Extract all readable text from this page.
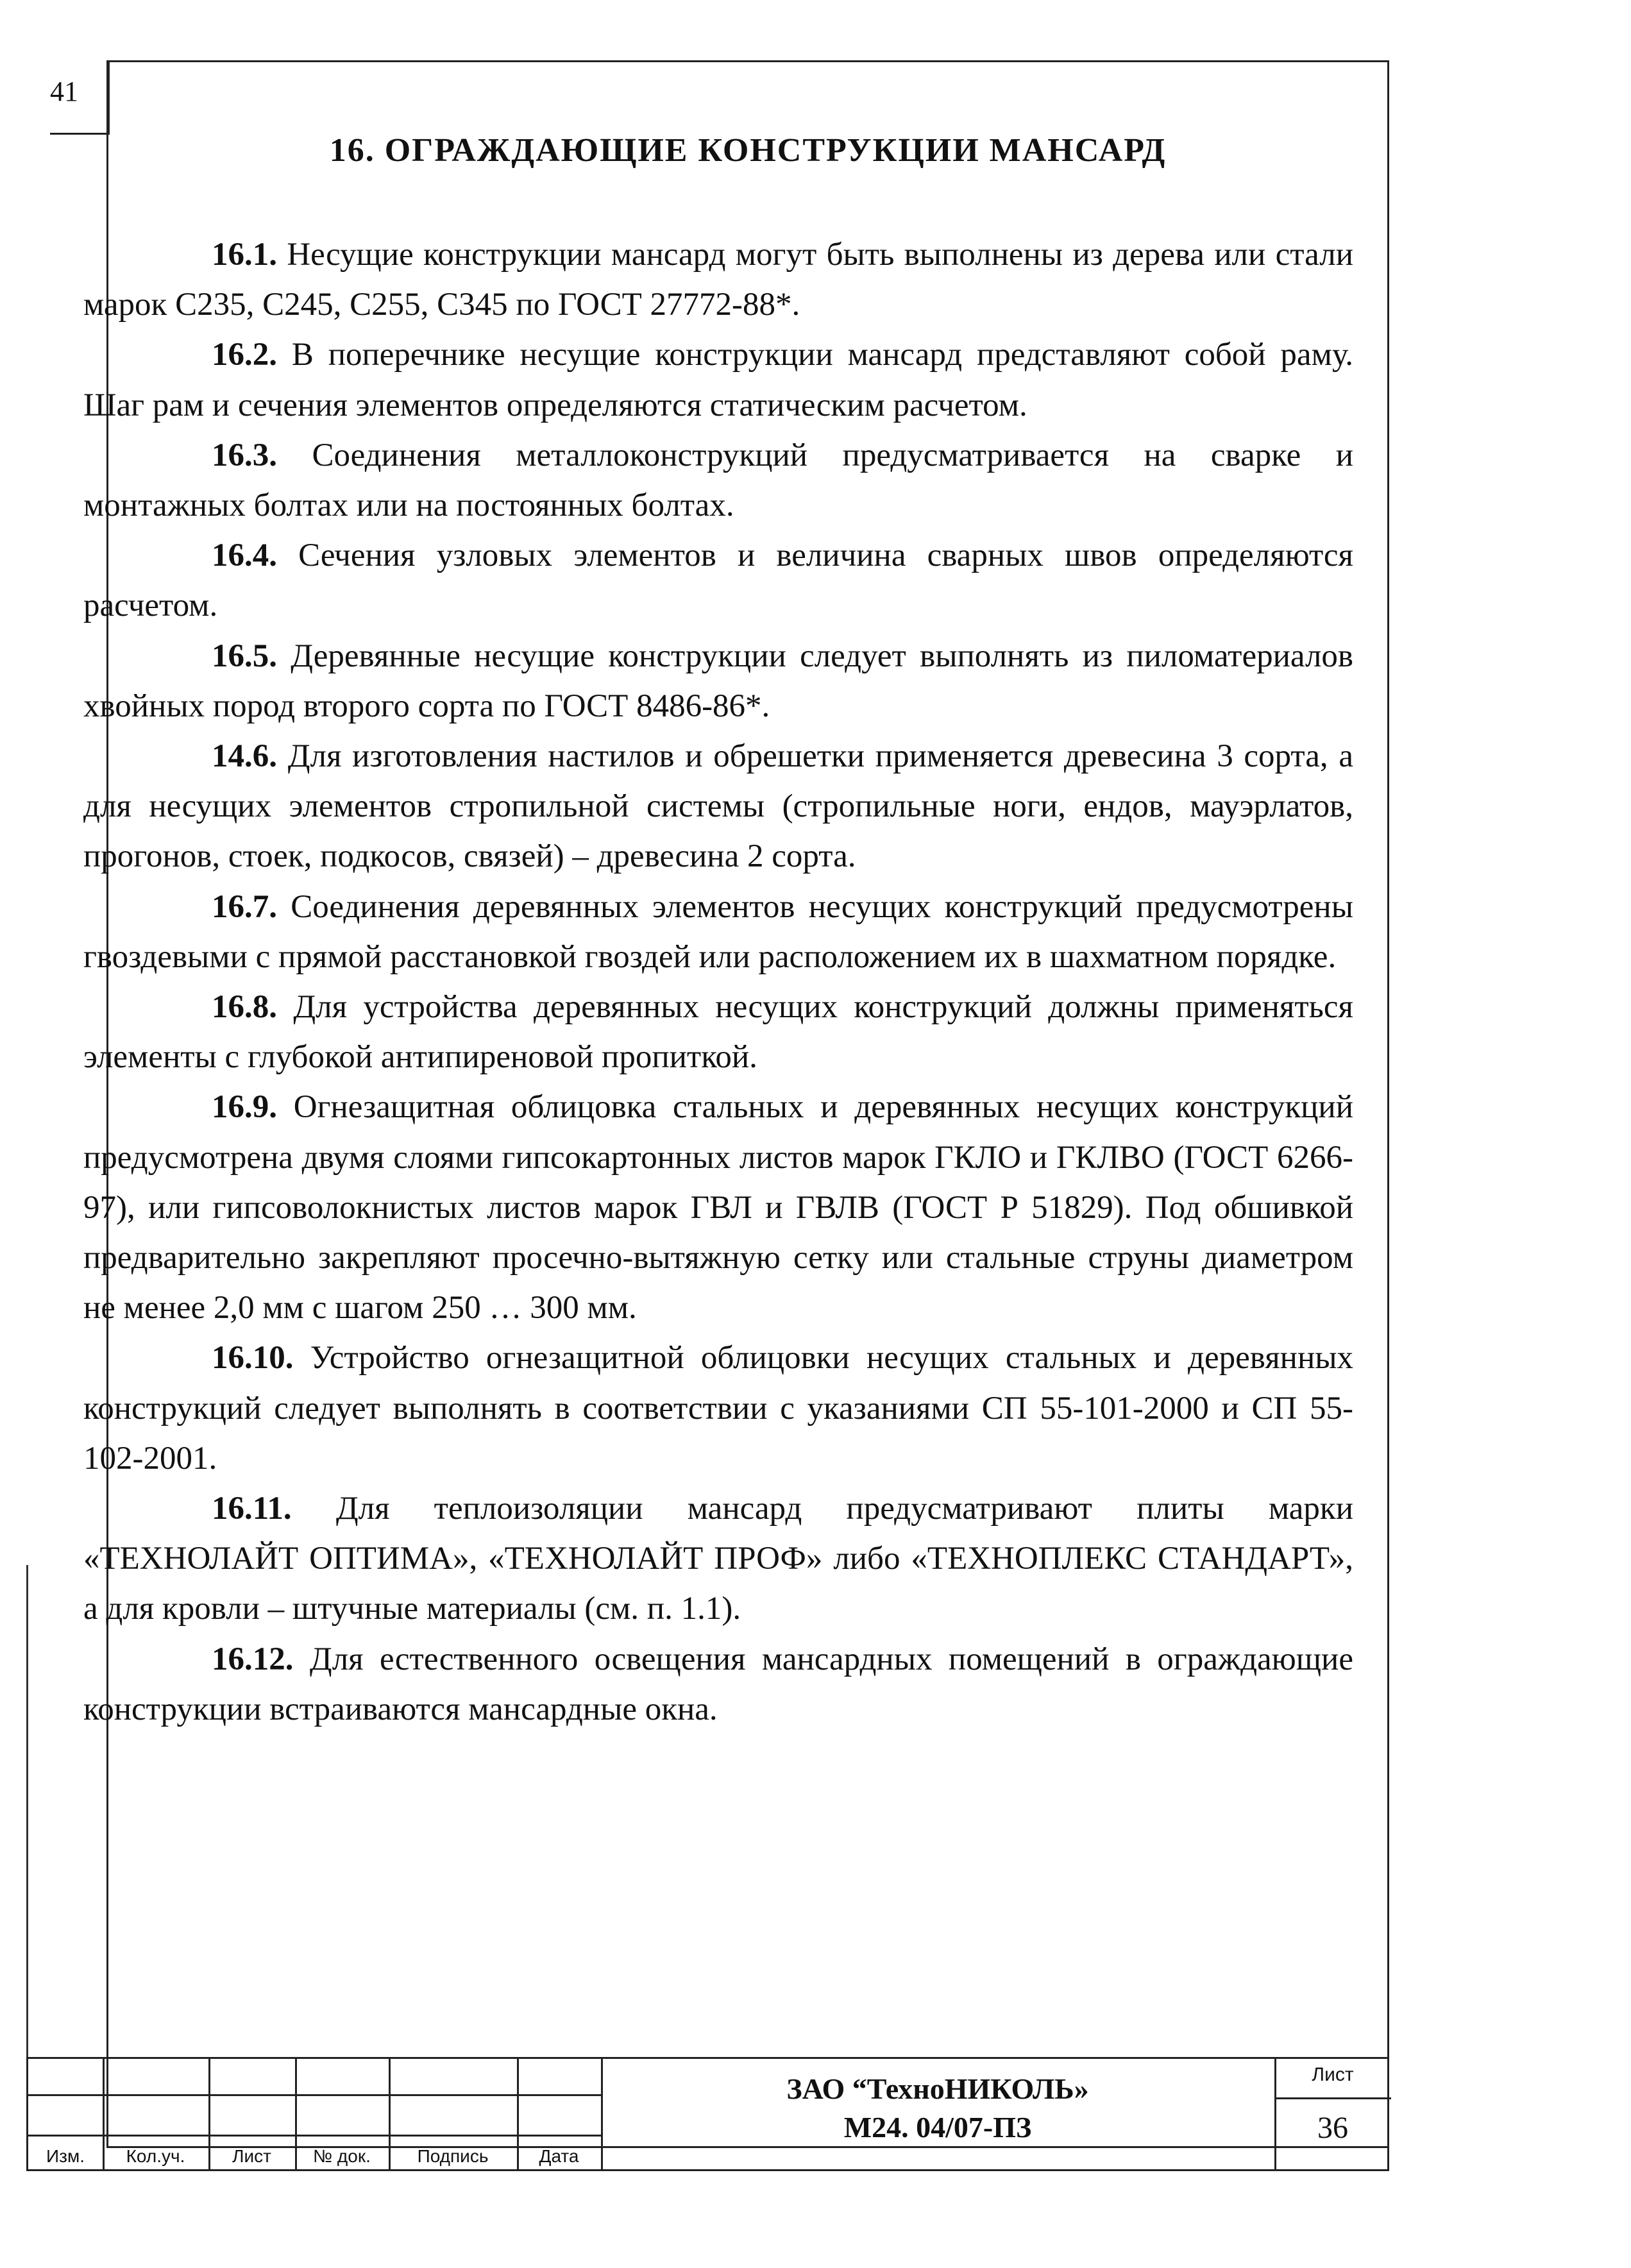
41
16. ОГРАЖДАЮЩИЕ КОНСТРУКЦИИ МАНСАРД

16.1. Несущие конструкции мансард могут быть выполнены из дерева или стали марок С235, С245, С255, С345 по ГОСТ 27772-88*.

16.2. В поперечнике несущие конструкции мансард представляют собой раму. Шаг рам и сечения элементов определяются статическим расчетом.

16.3. Соединения металлоконструкций предусматривается на сварке и монтажных болтах или на постоянных болтах.

16.4. Сечения узловых элементов и величина сварных швов определяются расчетом.

16.5. Деревянные несущие конструкции следует выполнять из пиломатериалов хвойных пород второго сорта по ГОСТ 8486-86*.

14.6. Для изготовления настилов и обрешетки применяется древесина 3 сорта, а для несущих элементов стропильной системы (стропильные ноги, ендов, мауэрлатов, прогонов, стоек, подкосов, связей) – древесина 2 сорта.

16.7. Соединения деревянных элементов несущих конструкций предусмотрены гвоздевыми с прямой расстановкой гвоздей или расположением их в шахматном порядке.

16.8. Для устройства деревянных несущих конструкций должны применяться элементы с глубокой антипиреновой пропиткой.

16.9. Огнезащитная облицовка стальных и деревянных несущих конструкций предусмотрена двумя слоями гипсокартонных листов марок ГКЛО и ГКЛВО (ГОСТ 6266-97), или гипсоволокнистых листов марок ГВЛ и ГВЛВ (ГОСТ Р 51829). Под обшивкой предварительно закрепляют просечно-вытяжную сетку или стальные струны диаметром не менее 2,0 мм с шагом 250 … 300 мм.

16.10. Устройство огнезащитной облицовки несущих стальных и деревянных конструкций следует выполнять в соответствии с указаниями СП 55-101-2000 и СП 55-102-2001.

16.11. Для теплоизоляции мансард предусматривают плиты марки «ТЕХНОЛАЙТ ОПТИМА», «ТЕХНОЛАЙТ ПРОФ» либо «ТЕХНОПЛЕКС СТАНДАРТ», а для кровли – штучные материалы (см. п. 1.1).

16.12. Для естественного освещения мансардных помещений в ограждающие конструкции встраиваются мансардные окна.

Изм.	Кол.уч.	Лист	№ док.	Подпись	Дата
ЗАО “ТехноНИКОЛЬ»
М24. 04/07-ПЗ
Лист
36
